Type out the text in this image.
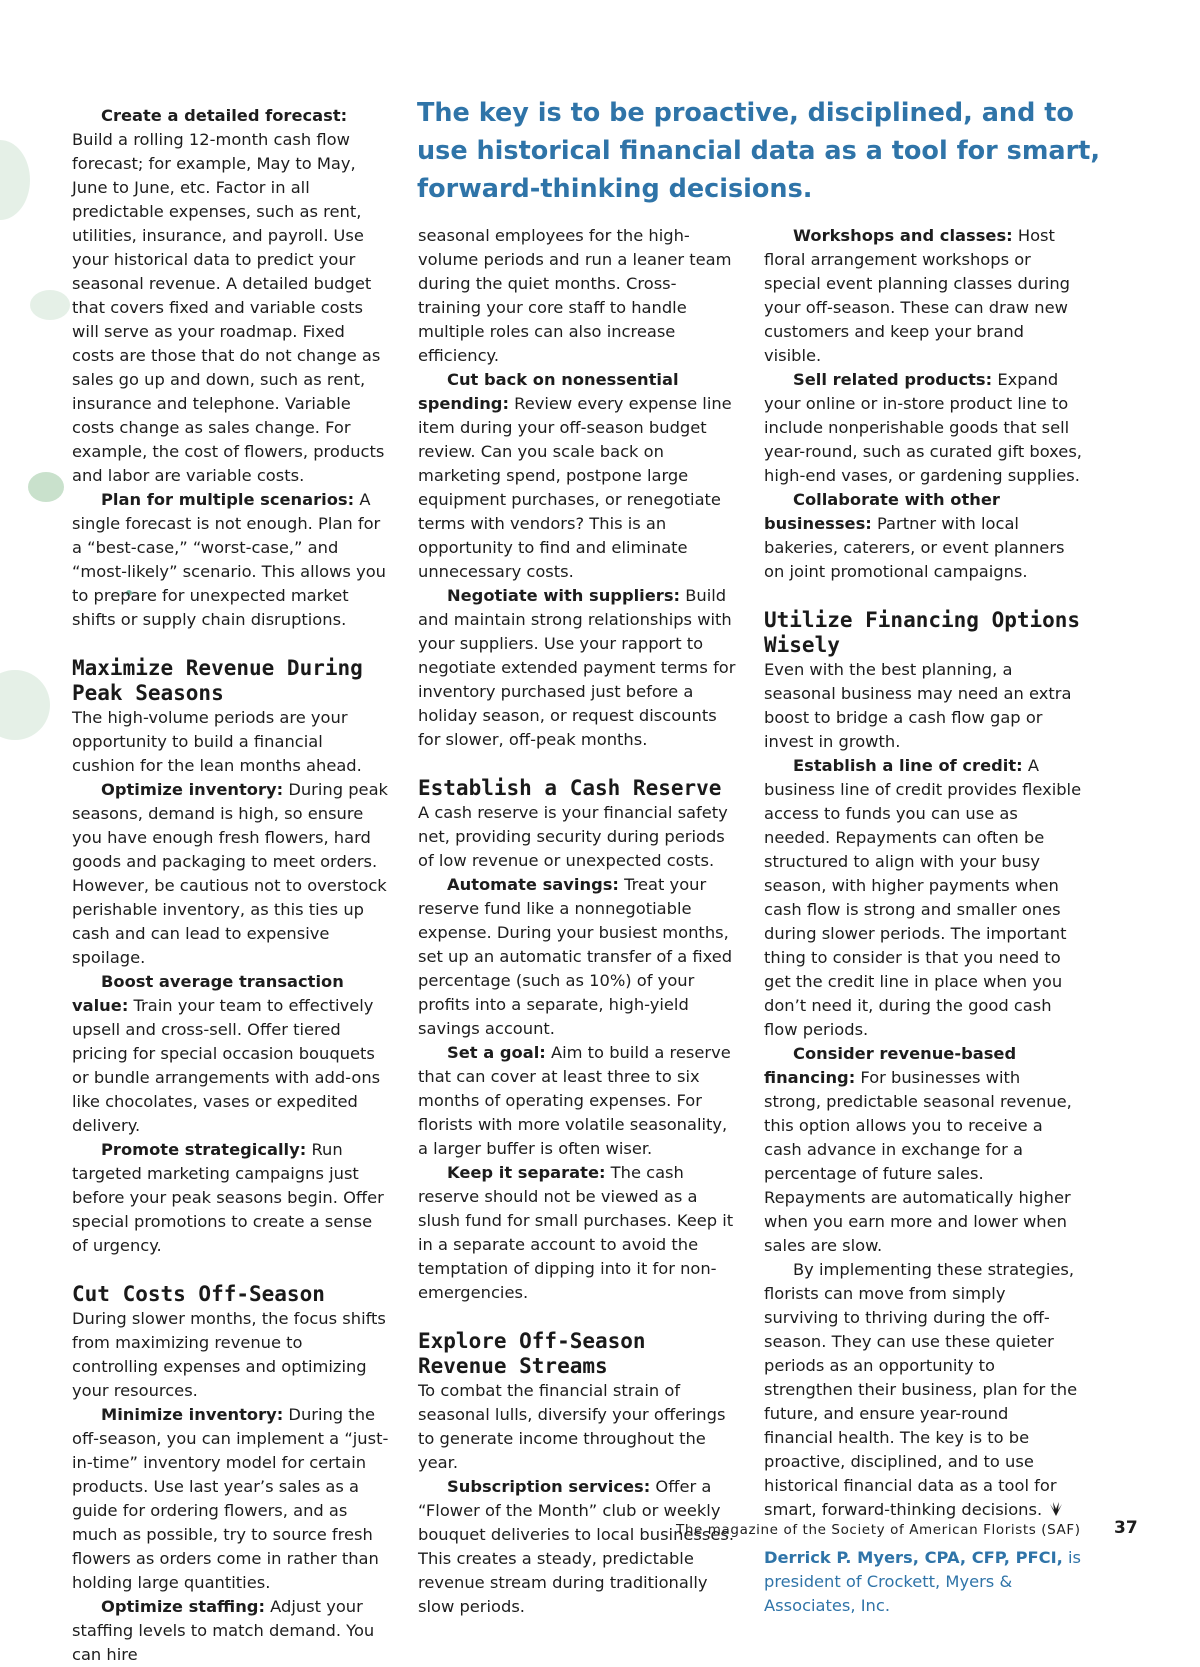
The key is to be proactive, disciplined, and to use historical financial data as a tool for smart, forward-thinking decisions.

Create a detailed forecast: Build a rolling 12-month cash flow forecast; for example, May to May, June to June, etc. Factor in all predictable expenses, such as rent, utilities, insurance, and payroll. Use your historical data to predict your seasonal revenue. A detailed budget that covers fixed and variable costs will serve as your roadmap. Fixed costs are those that do not change as sales go up and down, such as rent, insurance and telephone. Variable costs change as sales change. For example, the cost of flowers, products and labor are variable costs.

Plan for multiple scenarios: A single forecast is not enough. Plan for a “best-case,” “worst-case,” and “most-likely” scenario. This allows you to prepare for unexpected market shifts or supply chain disruptions.

Maximize Revenue During Peak Seasons

The high-volume periods are your opportunity to build a financial cushion for the lean months ahead.

Optimize inventory: During peak seasons, demand is high, so ensure you have enough fresh flowers, hard goods and packaging to meet orders. However, be cautious not to overstock perishable inventory, as this ties up cash and can lead to expensive spoilage.

Boost average transaction value: Train your team to effectively upsell and cross-sell. Offer tiered pricing for special occasion bouquets or bundle arrangements with add-ons like chocolates, vases or expedited delivery.

Promote strategically: Run targeted marketing campaigns just before your peak seasons begin. Offer special promotions to create a sense of urgency.

Cut Costs Off-Season

During slower months, the focus shifts from maximizing revenue to controlling expenses and optimizing your resources.

Minimize inventory: During the off-season, you can implement a “just-in-time” inventory model for certain products. Use last year’s sales as a guide for ordering flowers, and as much as possible, try to source fresh flowers as orders come in rather than holding large quantities.

Optimize staffing: Adjust your staffing levels to match demand. You can hire

seasonal employees for the high-volume periods and run a leaner team during the quiet months. Cross-training your core staff to handle multiple roles can also increase efficiency.

Cut back on nonessential spending: Review every expense line item during your off-season budget review. Can you scale back on marketing spend, postpone large equipment purchases, or renegotiate terms with vendors? This is an opportunity to find and eliminate unnecessary costs.

Negotiate with suppliers: Build and maintain strong relationships with your suppliers. Use your rapport to negotiate extended payment terms for inventory purchased just before a holiday season, or request discounts for slower, off-peak months.

Establish a Cash Reserve

A cash reserve is your financial safety net, providing security during periods of low revenue or unexpected costs.

Automate savings: Treat your reserve fund like a nonnegotiable expense. During your busiest months, set up an automatic transfer of a fixed percentage (such as 10%) of your profits into a separate, high-yield savings account.

Set a goal: Aim to build a reserve that can cover at least three to six months of operating expenses. For florists with more volatile seasonality, a larger buffer is often wiser.

Keep it separate: The cash reserve should not be viewed as a slush fund for small purchases. Keep it in a separate account to avoid the temptation of dipping into it for non-emergencies.

Explore Off-Season Revenue Streams

To combat the financial strain of seasonal lulls, diversify your offerings to generate income throughout the year.

Subscription services: Offer a “Flower of the Month” club or weekly bouquet deliveries to local businesses. This creates a steady, predictable revenue stream during traditionally slow periods.

Workshops and classes: Host floral arrangement workshops or special event planning classes during your off-season. These can draw new customers and keep your brand visible.

Sell related products: Expand your online or in-store product line to include nonperishable goods that sell year-round, such as curated gift boxes, high-end vases, or gardening supplies.

Collaborate with other businesses: Partner with local bakeries, caterers, or event planners on joint promotional campaigns.

Utilize Financing Options Wisely

Even with the best planning, a seasonal business may need an extra boost to bridge a cash flow gap or invest in growth.

Establish a line of credit: A business line of credit provides flexible access to funds you can use as needed. Repayments can often be structured to align with your busy season, with higher payments when cash flow is strong and smaller ones during slower periods. The important thing to consider is that you need to get the credit line in place when you don’t need it, during the good cash flow periods.

Consider revenue-based financing: For businesses with strong, predictable seasonal revenue, this option allows you to receive a cash advance in exchange for a percentage of future sales. Repayments are automatically higher when you earn more and lower when sales are slow.

By implementing these strategies, florists can move from simply surviving to thriving during the off-season. They can use these quieter periods as an opportunity to strengthen their business, plan for the future, and ensure year-round financial health. The key is to be proactive, disciplined, and to use historical financial data as a tool for smart, forward-thinking decisions.

Derrick P. Myers, CPA, CFP, PFCI, is president of Crockett, Myers & Associates, Inc.

The magazine of the Society of American Florists (SAF) 37
